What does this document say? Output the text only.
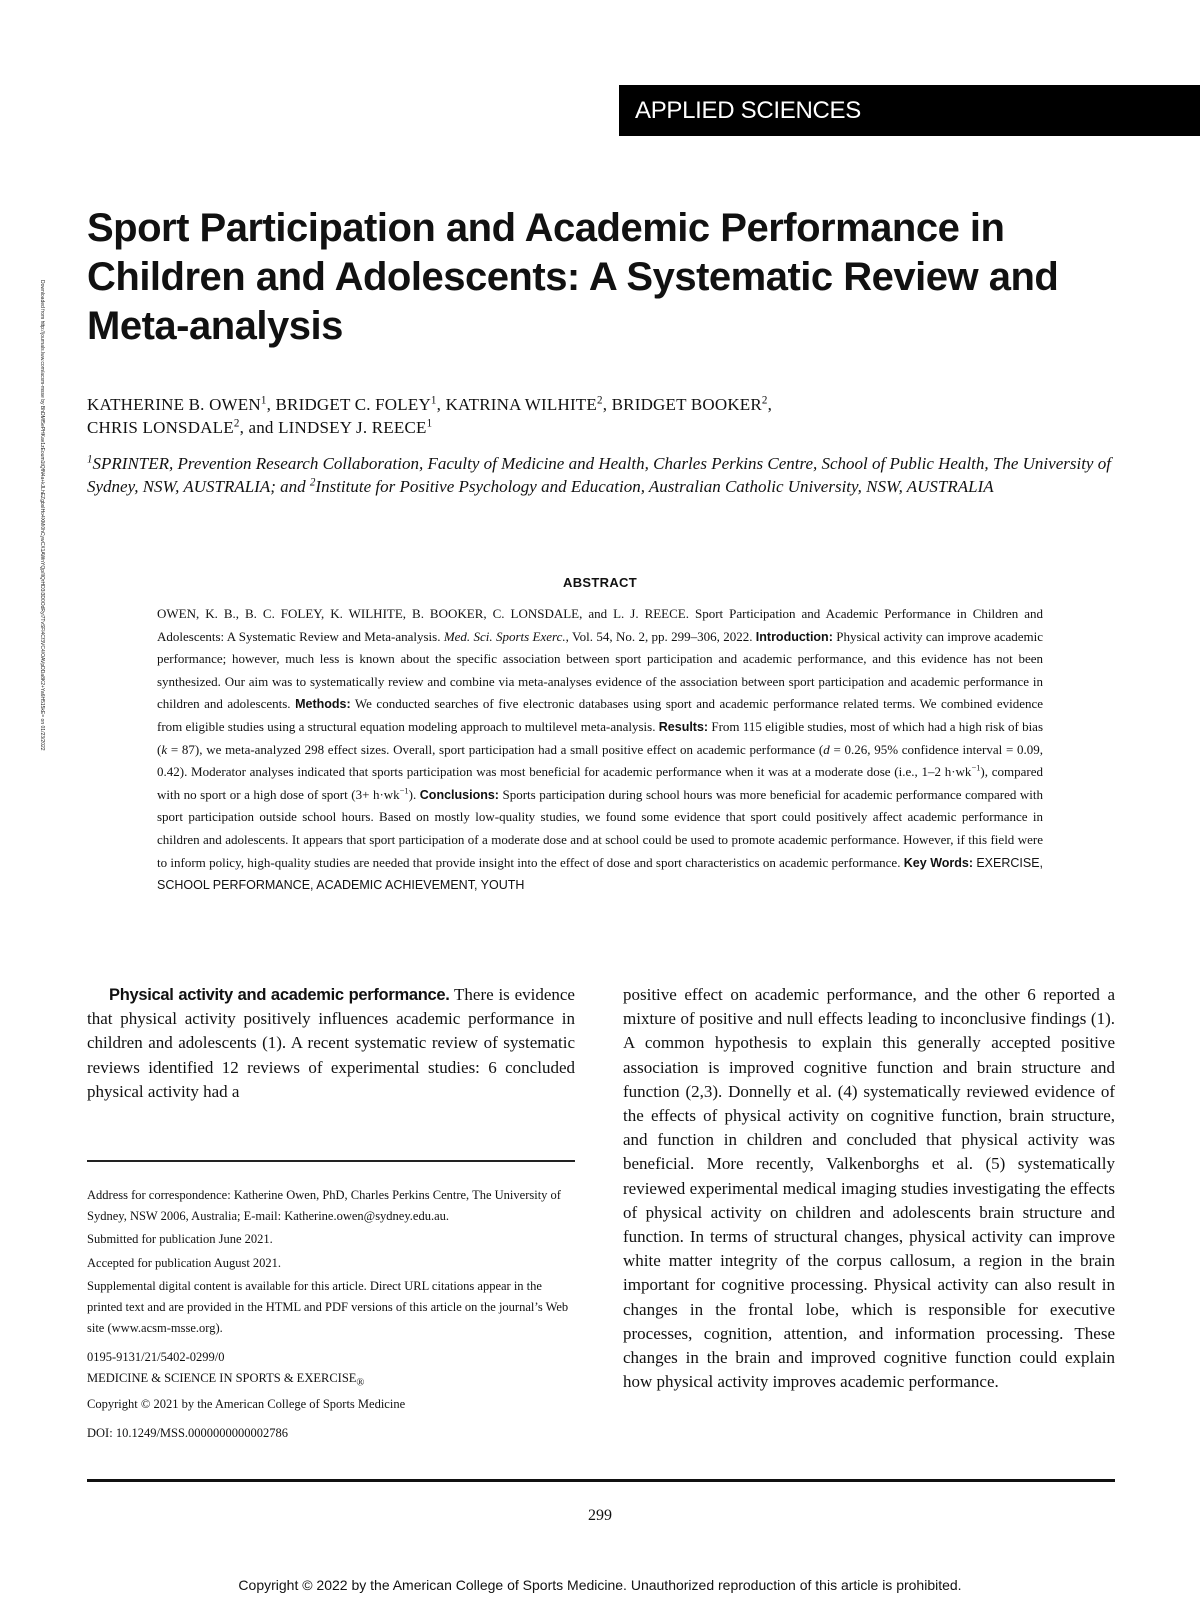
APPLIED SCIENCES
Downloaded from http://journals.lww.com/acsm-msse by BhDMf5ePHKav1zEoum1tQfN4a+kJLhEZgbsIHo4XMi0hCywCX1AWnYQp/IlQrHD3i3D0OdRyi7TvSFl4Cf3VC4/OAVpDDa8K2+Ya6H515kE= on 01/23/2022
Sport Participation and Academic Performance in Children and Adolescents: A Systematic Review and Meta-analysis
KATHERINE B. OWEN$^1$, BRIDGET C. FOLEY$^1$, KATRINA WILHITE$^2$, BRIDGET BOOKER$^2$,
CHRIS LONSDALE$^2$, and LINDSEY J. REECE$^1$
$^1$SPRINTER, Prevention Research Collaboration, Faculty of Medicine and Health, Charles Perkins Centre, School of Public Health, The University of Sydney, NSW, AUSTRALIA; and $^2$Institute for Positive Psychology and Education, Australian Catholic University, NSW, AUSTRALIA
ABSTRACT
OWEN, K. B., B. C. FOLEY, K. WILHITE, B. BOOKER, C. LONSDALE, and L. J. REECE. Sport Participation and Academic Performance in Children and Adolescents: A Systematic Review and Meta-analysis. Med. Sci. Sports Exerc., Vol. 54, No. 2, pp. 299–306, 2022. Introduction: Physical activity can improve academic performance; however, much less is known about the specific association between sport participation and academic performance, and this evidence has not been synthesized. Our aim was to systematically review and combine via meta-analyses evidence of the association between sport participation and academic performance in children and adolescents. Methods: We conducted searches of five electronic databases using sport and academic performance related terms. We combined evidence from eligible studies using a structural equation modeling approach to multilevel meta-analysis. Results: From 115 eligible studies, most of which had a high risk of bias (k = 87), we meta-analyzed 298 effect sizes. Overall, sport participation had a small positive effect on academic performance (d = 0.26, 95% confidence interval = 0.09, 0.42). Moderator analyses indicated that sports participation was most beneficial for academic performance when it was at a moderate dose (i.e., 1–2 $h\cdot wk^{-1}$), compared with no sport or a high dose of sport $(3+ h\cdot wk^{-1})$. Conclusions: Sports participation during school hours was more beneficial for academic performance compared with sport participation outside school hours. Based on mostly low-quality studies, we found some evidence that sport could positively affect academic performance in children and adolescents. It appears that sport participation of a moderate dose and at school could be used to promote academic performance. However, if this field were to inform policy, high-quality studies are needed that provide insight into the effect of dose and sport characteristics on academic performance. Key Words: EXERCISE, SCHOOL PERFORMANCE, ACADEMIC ACHIEVEMENT, YOUTH
Physical activity and academic performance. There is evidence that physical activity positively influences academic performance in children and adolescents (1). A recent systematic review of systematic reviews identified 12 reviews of experimental studies: 6 concluded physical activity had a

Address for correspondence: Katherine Owen, PhD, Charles Perkins Centre, The University of Sydney, NSW 2006, Australia; E-mail: Katherine.owen@sydney.edu.au.

Submitted for publication June 2021.

Accepted for publication August 2021.

Supplemental digital content is available for this article. Direct URL citations appear in the printed text and are provided in the HTML and PDF versions of this article on the journal’s Web site (www.acsm-msse.org).

0195-9131/21/5402-0299/0

MEDICINE & SCIENCE IN SPORTS & $EXERCISE_®$

Copyright © 2021 by the American College of Sports Medicine

DOI: 10.1249/MSS.0000000000002786

positive effect on academic performance, and the other 6 reported a mixture of positive and null effects leading to inconclusive findings (1). A common hypothesis to explain this generally accepted positive association is improved cognitive function and brain structure and function (2,3). Donnelly et al. (4) systematically reviewed evidence of the effects of physical activity on cognitive function, brain structure, and function in children and concluded that physical activity was beneficial. More recently, Valkenborghs et al. (5) systematically reviewed experimental medical imaging studies investigating the effects of physical activity on children and adolescents brain structure and function. In terms of structural changes, physical activity can improve white matter integrity of the corpus callosum, a region in the brain important for cognitive processing. Physical activity can also result in changes in the frontal lobe, which is responsible for executive processes, cognition, attention, and information processing. These changes in the brain and improved cognitive function could explain how physical activity improves academic performance.
299
Copyright © 2022 by the American College of Sports Medicine. Unauthorized reproduction of this article is prohibited.
